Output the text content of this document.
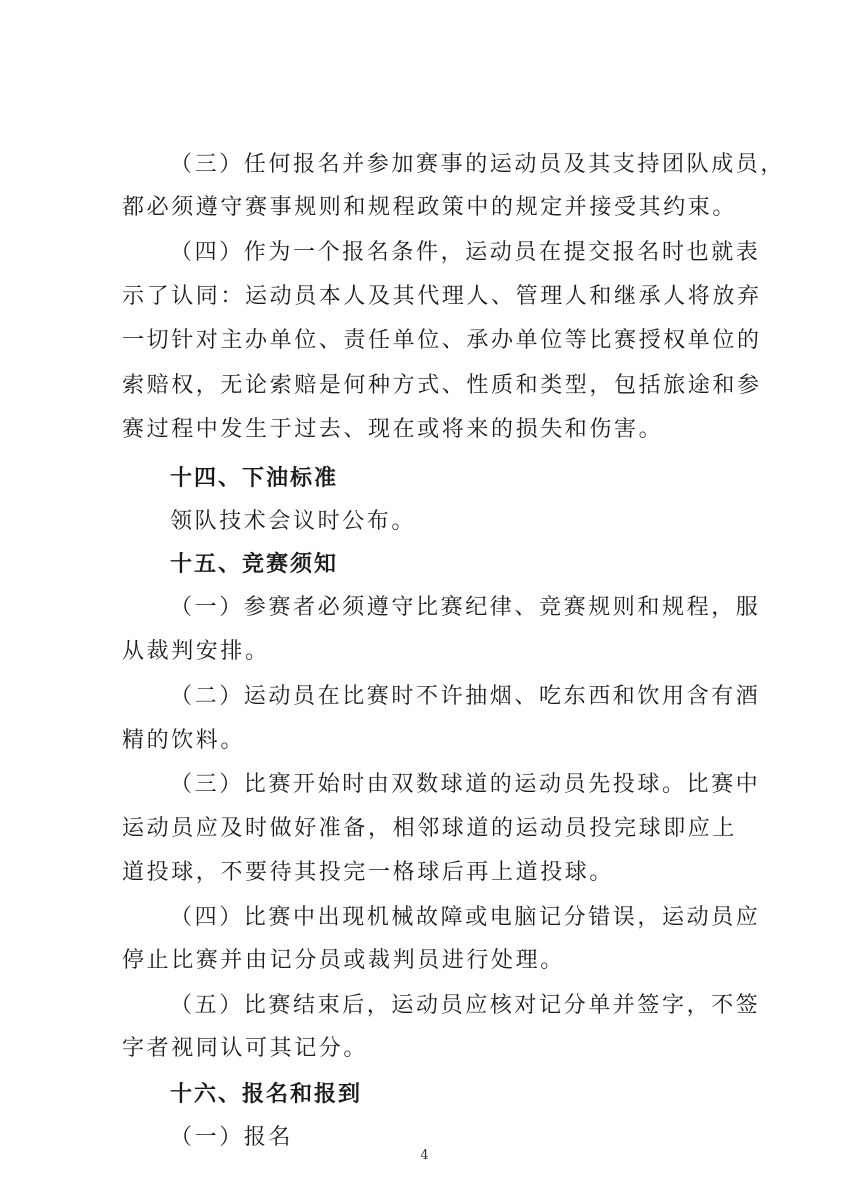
（三）任何报名并参加赛事的运动员及其支持团队成员，
都必须遵守赛事规则和规程政策中的规定并接受其约束。
（四）作为一个报名条件，运动员在提交报名时也就表
示了认同：运动员本人及其代理人、管理人和继承人将放弃
一切针对主办单位、责任单位、承办单位等比赛授权单位的
索赔权，无论索赔是何种方式、性质和类型，包括旅途和参
赛过程中发生于过去、现在或将来的损失和伤害。
十四、下油标准
领队技术会议时公布。
十五、竞赛须知
（一）参赛者必须遵守比赛纪律、竞赛规则和规程，服
从裁判安排。
（二）运动员在比赛时不许抽烟、吃东西和饮用含有酒
精的饮料。
（三）比赛开始时由双数球道的运动员先投球。比赛中
运动员应及时做好准备，相邻球道的运动员投完球即应上
道投球，不要待其投完一格球后再上道投球。
（四）比赛中出现机械故障或电脑记分错误，运动员应
停止比赛并由记分员或裁判员进行处理。
（五）比赛结束后，运动员应核对记分单并签字，不签
字者视同认可其记分。
十六、报名和报到
（一）报名
4
